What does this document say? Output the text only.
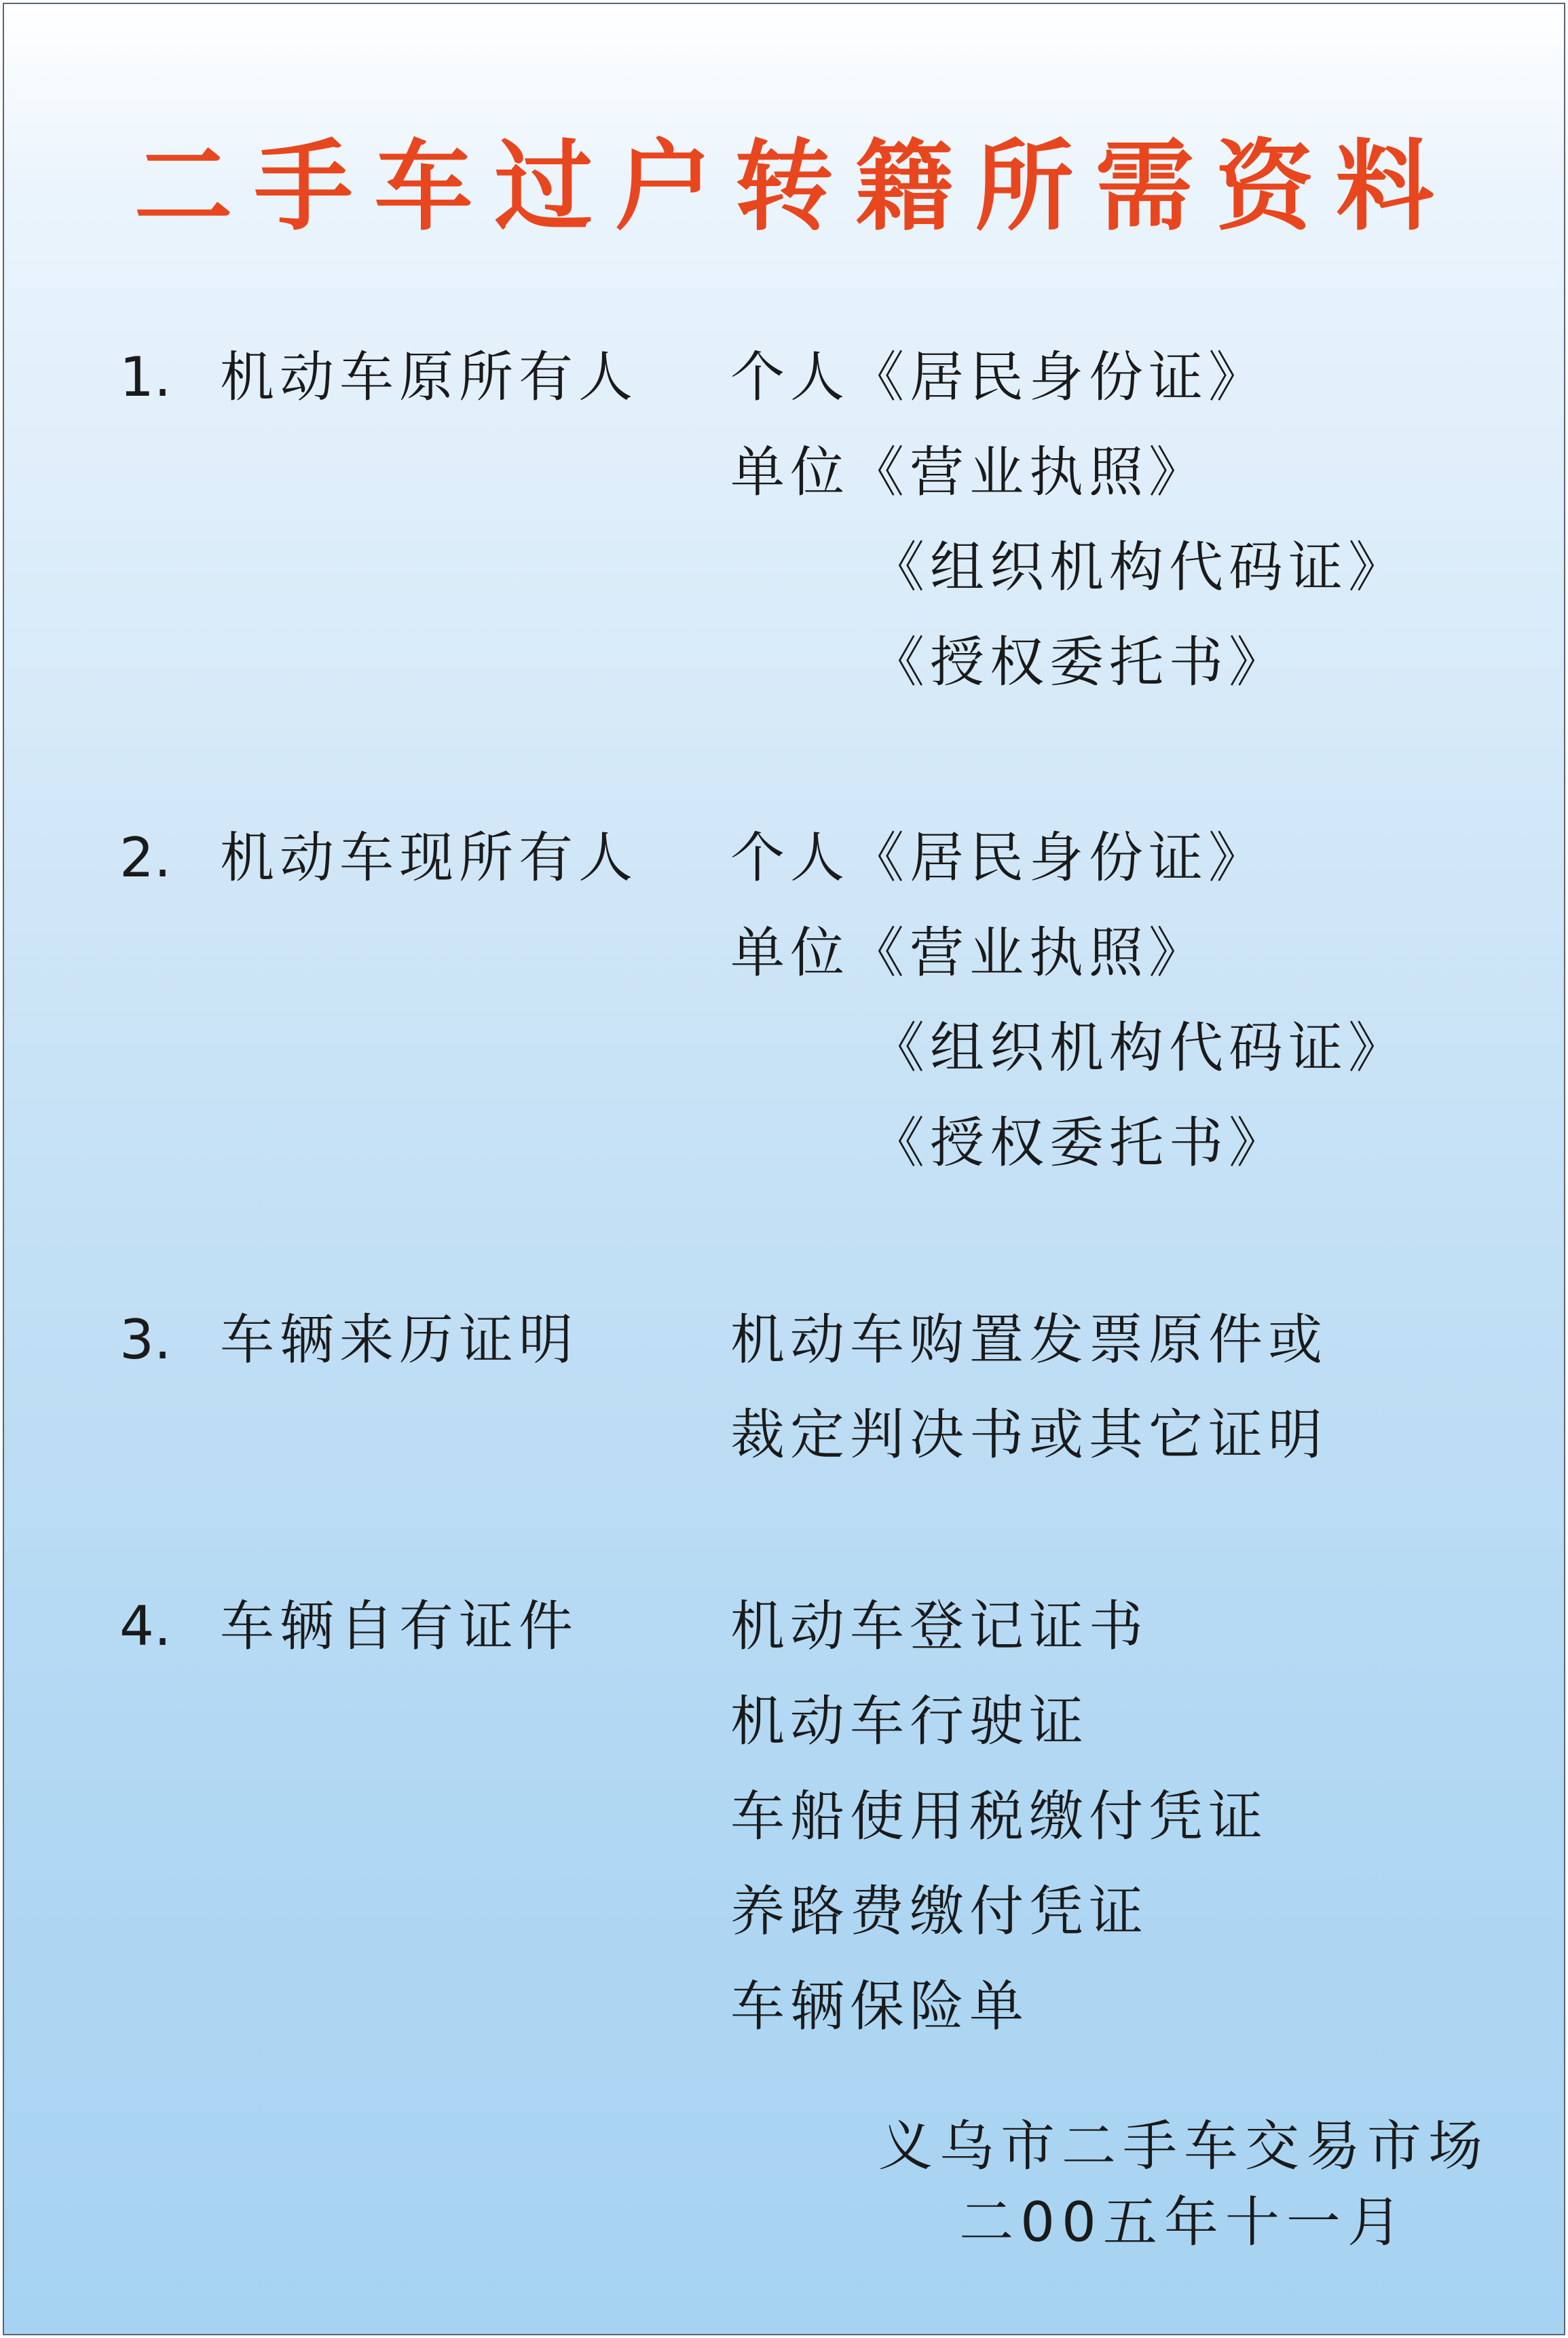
二手车过户转籍所需资料
1. 机动车原所有人 个人《居民身份证》
单位《营业执照》
《组织机构代码证》
《授权委托书》
2. 机动车现所有人 个人《居民身份证》
单位《营业执照》
《组织机构代码证》
《授权委托书》
3. 车辆来历证明	机动车购置发票原件或
裁定判决书或其它证明
4. 车辆自有证件	机动车登记证书
机动车行驶证
车船使用税缴付凭证
养路费缴付凭证
车辆保险单
义乌市二手车交易市场
二00五年十一月
